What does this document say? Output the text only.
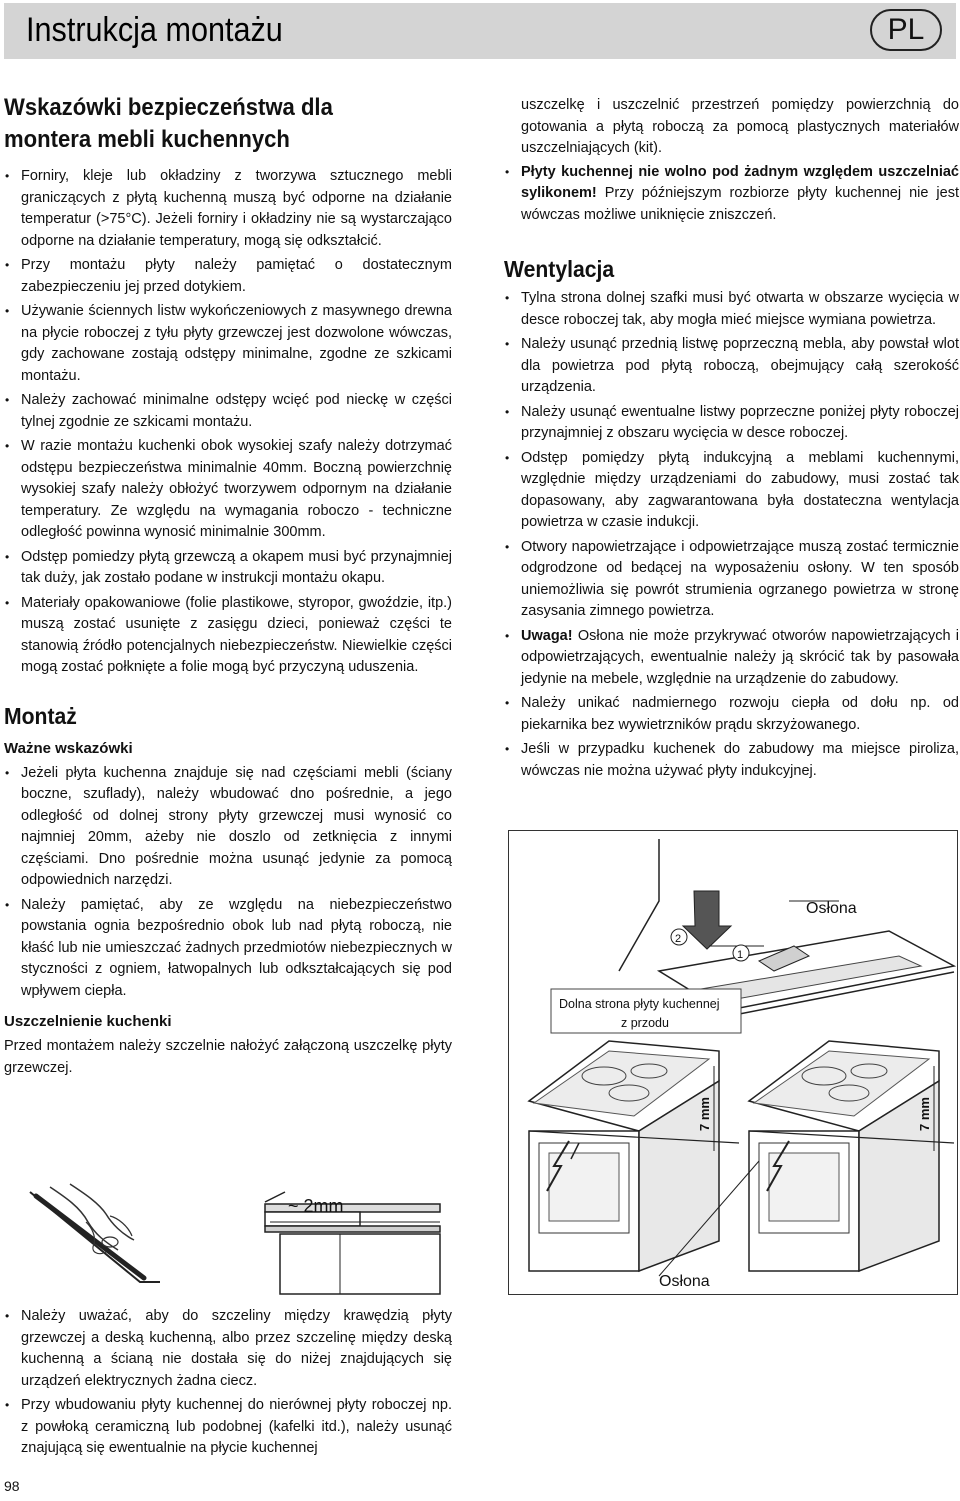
Instrukcja montażu	PL
Wskazówki bezpieczeństwa dla montera mebli kuchennych
• Forniry, kleje lub okładziny z tworzywa sztucznego mebli graniczących z płytą kuchenną muszą być odporne na działanie temperatur (>75°C). Jeżeli forniry i okładziny nie są wystarczająco odporne na działanie temperatury, mogą się odkształcić.
• Przy montażu płyty należy pamiętać o dostatecznym zabezpieczeniu jej przed dotykiem.
• Używanie ściennych listw wykończeniowych z masywnego drewna na płycie roboczej z tyłu płyty grzewczej jest dozwolone wówczas, gdy zachowane zostają odstępy minimalne, zgodne ze szkicami montażu.
• Należy zachować minimalne odstępy wcięć pod nieckę w części tylnej zgodnie ze szkicami montażu.
• W razie montażu kuchenki obok wysokiej szafy należy dotrzymać odstępu bezpieczeństwa minimalnie 40mm. Boczną powierzchnię wysokiej szafy należy obłożyć tworzywem odpornym na działanie temperatury. Ze względu na wymagania roboczo - techniczne odległość powinna wynosić minimalnie 300mm.
• Odstęp pomiedzy płytą grzewczą a okapem musi być przynajmniej tak duży, jak zostało podane w instrukcji montażu okapu.
• Materiały opakowaniowe (folie plastikowe, styropor, gwoździe, itp.) muszą zostać usunięte z zasięgu dzieci, ponieważ części te stanowią źródło potencjalnych niebezpieczeństw. Niewielkie części mogą zostać połknięte a folie mogą być przyczyną uduszenia.
Montaż
Ważne wskazówki
• Jeżeli płyta kuchenna znajduje się nad częściami mebli (ściany boczne, szuflady), należy wbudować dno pośrednie, a jego odległość od dolnej strony płyty grzewczej musi wynosić co najmniej 20mm, ażeby nie doszlo od zetknięcia z innymi częściami. Dno pośrednie można usunąć jedynie za pomocą odpowiednich narzędzi.
• Należy pamiętać, aby ze względu na niebezpieczeństwo powstania ognia bezpośrednio obok lub nad płytą roboczą, nie kłaść lub nie umieszczać żadnych przedmiotów niebezpiecznych w styczności z ogniem, łatwopalnych lub odkształcających się pod wpływem ciepła.
Uszczelnienie kuchenki

Przed montażem należy szczelnie nałożyć załączoną uszczelkę płyty grzewczej.

~ 2mm
• Należy uważać, aby do szczeliny między krawędzią płyty grzewczej a deską kuchenną, albo przez szczelinę między deską kuchenną a ścianą nie dostała się do niżej znajdujących się urządzeń elektrycznych żadna ciecz.
• Przy wbudowaniu płyty kuchennej do nierównej płyty roboczej np. z powłoką ceramiczną lub podobnej (kafelki itd.), należy usunąć znajującą się ewentualnie na płycie kuchennej

uszczelkę i uszczelnić przestrzeń pomiędzy powierzchnią do gotowania a płytą roboczą za pomocą plastycznych materiałów uszczelniających (kit).

• Płyty kuchennej nie wolno pod żadnym względem uszczelniać sylikonem! Przy późniejszym rozbiorze płyty kuchennej nie jest wówczas możliwe uniknięcie zniszczeń.
Wentylacja
• Tylna strona dolnej szafki musi być otwarta w obszarze wycięcia w desce roboczej tak, aby mogła mieć miejsce wymiana powietrza.
• Należy usunąć przednią listwę poprzeczną mebla, aby powstał wlot dla powietrza pod płytą roboczą, obejmujący całą szerokość urządzenia.
• Należy usunąć ewentualne listwy poprzeczne poniżej płyty roboczej przynajmniej z obszaru wycięcia w desce roboczej.
• Odstęp pomiędzy płytą indukcyjną a meblami kuchennymi, względnie między urządzeniami do zabudowy, musi zostać tak dopasowany, aby zagwarantowana była dostateczna wentylacja powietrza w czasie indukcji.
• Otwory napowietrzające i odpowietrzające muszą zostać termicznie odgrodzone od bedącej na wyposażeniu osłony. W ten sposób uniemożliwia się powrót strumienia ogrzanego powietrza w stronę zasysania zimnego powietrza.
• Uwaga! Osłona nie może przykrywać otworów napowietrzających i odpowietrzających, ewentualnie należy ją skrócić tak by pasowała jedynie na mebele, względnie na urządzenie do zabudowy.
• Należy unikać nadmiernego rozwoju ciepła od dołu np. od piekarnika bez wywietrzników prądu skrzyżowanego.
• Jeśli w przypadku kuchenek do zabudowy ma miejsce piroliza, wówczas nie można używać płyty indukcyjnej.
2
1
Osłona
Dolna strona płyty kuchennej
z przodu
7 mm	7 mm
Osłona
98
